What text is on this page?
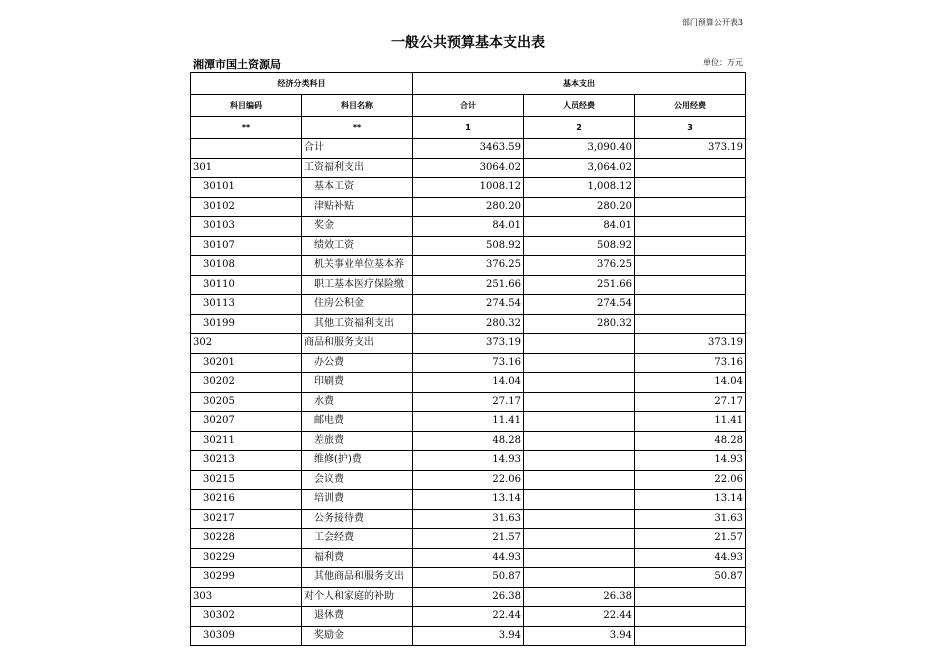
部门预算公开表3
一般公共预算基本支出表
湘潭市国土资源局	单位：万元
经济分类科目		基本支出		
科目编码	科目名称	合计	人员经费	公用经费
**	**	1	2	3
	合计	3463.59	3,090.40	373.19
301	工资福利支出	3064.02	3,064.02	
30101	基本工资	1008.12	1,008.12	
30102	津贴补贴	280.20	280.20	
30103	奖金	84.01	84.01	
30107	绩效工资	508.92	508.92	
30108	机关事业单位基本养	376.25	376.25	
30110	职工基本医疗保险缴	251.66	251.66	
30113	住房公积金	274.54	274.54	
30199	其他工资福利支出	280.32	280.32	
302	商品和服务支出	373.19		373.19
30201	办公费	73.16		73.16
30202	印刷费	14.04		14.04
30205	水费	27.17		27.17
30207	邮电费	11.41		11.41
30211	差旅费	48.28		48.28
30213	维修(护)费	14.93		14.93
30215	会议费	22.06		22.06
30216	培训费	13.14		13.14
30217	公务接待费	31.63		31.63
30228	工会经费	21.57		21.57
30229	福利费	44.93		44.93
30299	其他商品和服务支出	50.87		50.87
303	对个人和家庭的补助	26.38	26.38	
30302	退休费	22.44	22.44	
30309	奖励金	3.94	3.94	
